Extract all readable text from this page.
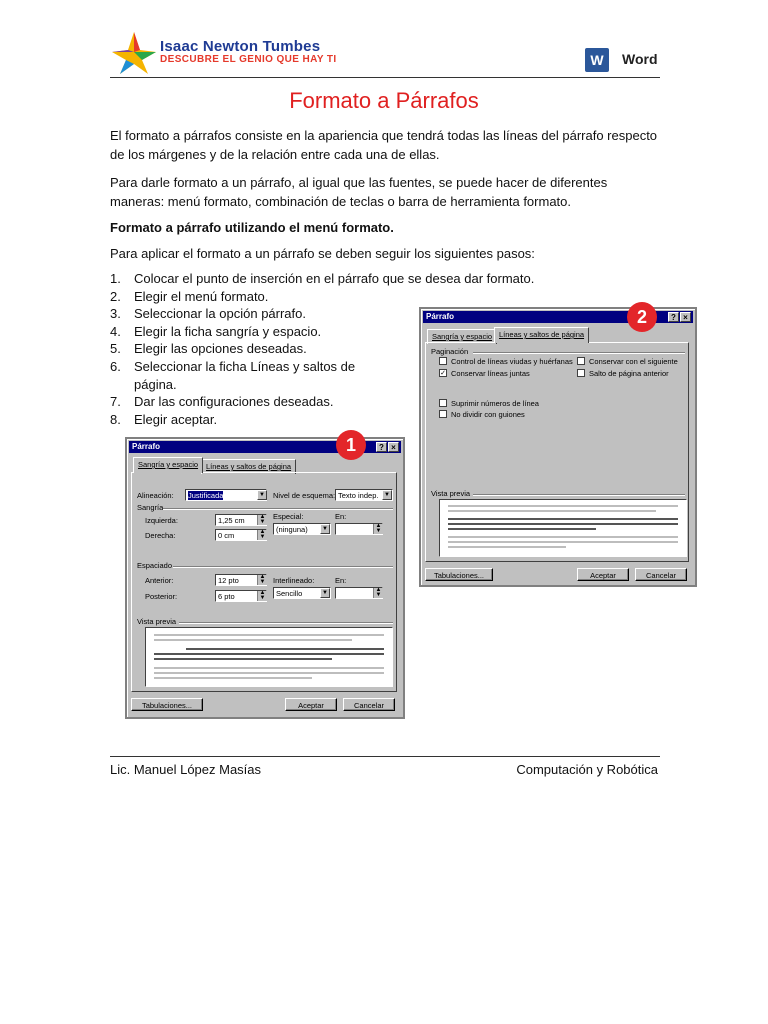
Isaac Newton Tumbes
DESCUBRE EL GENIO QUE HAY TI	W	Word
Formato a Párrafos
El formato a párrafos consiste en la apariencia que tendrá todas las líneas del párrafo respecto de los márgenes y de la relación entre cada una de ellas.
Para darle formato a un párrafo, al igual que las fuentes, se puede hacer de diferentes maneras: menú formato, combinación de teclas o barra de herramienta formato.
Formato a párrafo utilizando el menú formato.
Para aplicar el formato a un párrafo se deben seguir los siguientes pasos:
1. Colocar el punto de inserción en el párrafo que se desea dar formato.
2. Elegir el menú formato.
3. Seleccionar la opción párrafo.
4. Elegir la ficha sangría y espacio.
5. Elegir las opciones deseadas.
6. Seleccionar la ficha Líneas y saltos de página.
7. Dar las configuraciones deseadas.
8. Elegir aceptar.
Párrafo	? ×
Sangría y espacio	Líneas y saltos de página
Alineación:	Justificada	▼ Nivel de esquema: Texto indep. ▼
Sangría
Izquierda:	1,25 cm	▲
▼
Derecha:	0 cm	▲
▼
Especial:
(ninguna)	▼
En:
▲
▼
Espaciado
Anterior:	12 pto	▲
▼
Posterior:	6 pto	▲
▼
Interlineado:
Sencillo	▼
En:
▲
▼
Vista previa
Tabulaciones...	Aceptar	Cancelar
1
Párrafo	? ×
Sangría y espacio Líneas y saltos de página
Paginación
Control de líneas viudas y huérfanas Conservar con el siguiente
✓ Conservar líneas juntas	Salto de página anterior
Suprimir números de línea
No dividir con guiones
Vista previa
Tabulaciones...	Aceptar	Cancelar
2
Lic. Manuel López Masías	Computación y Robótica
